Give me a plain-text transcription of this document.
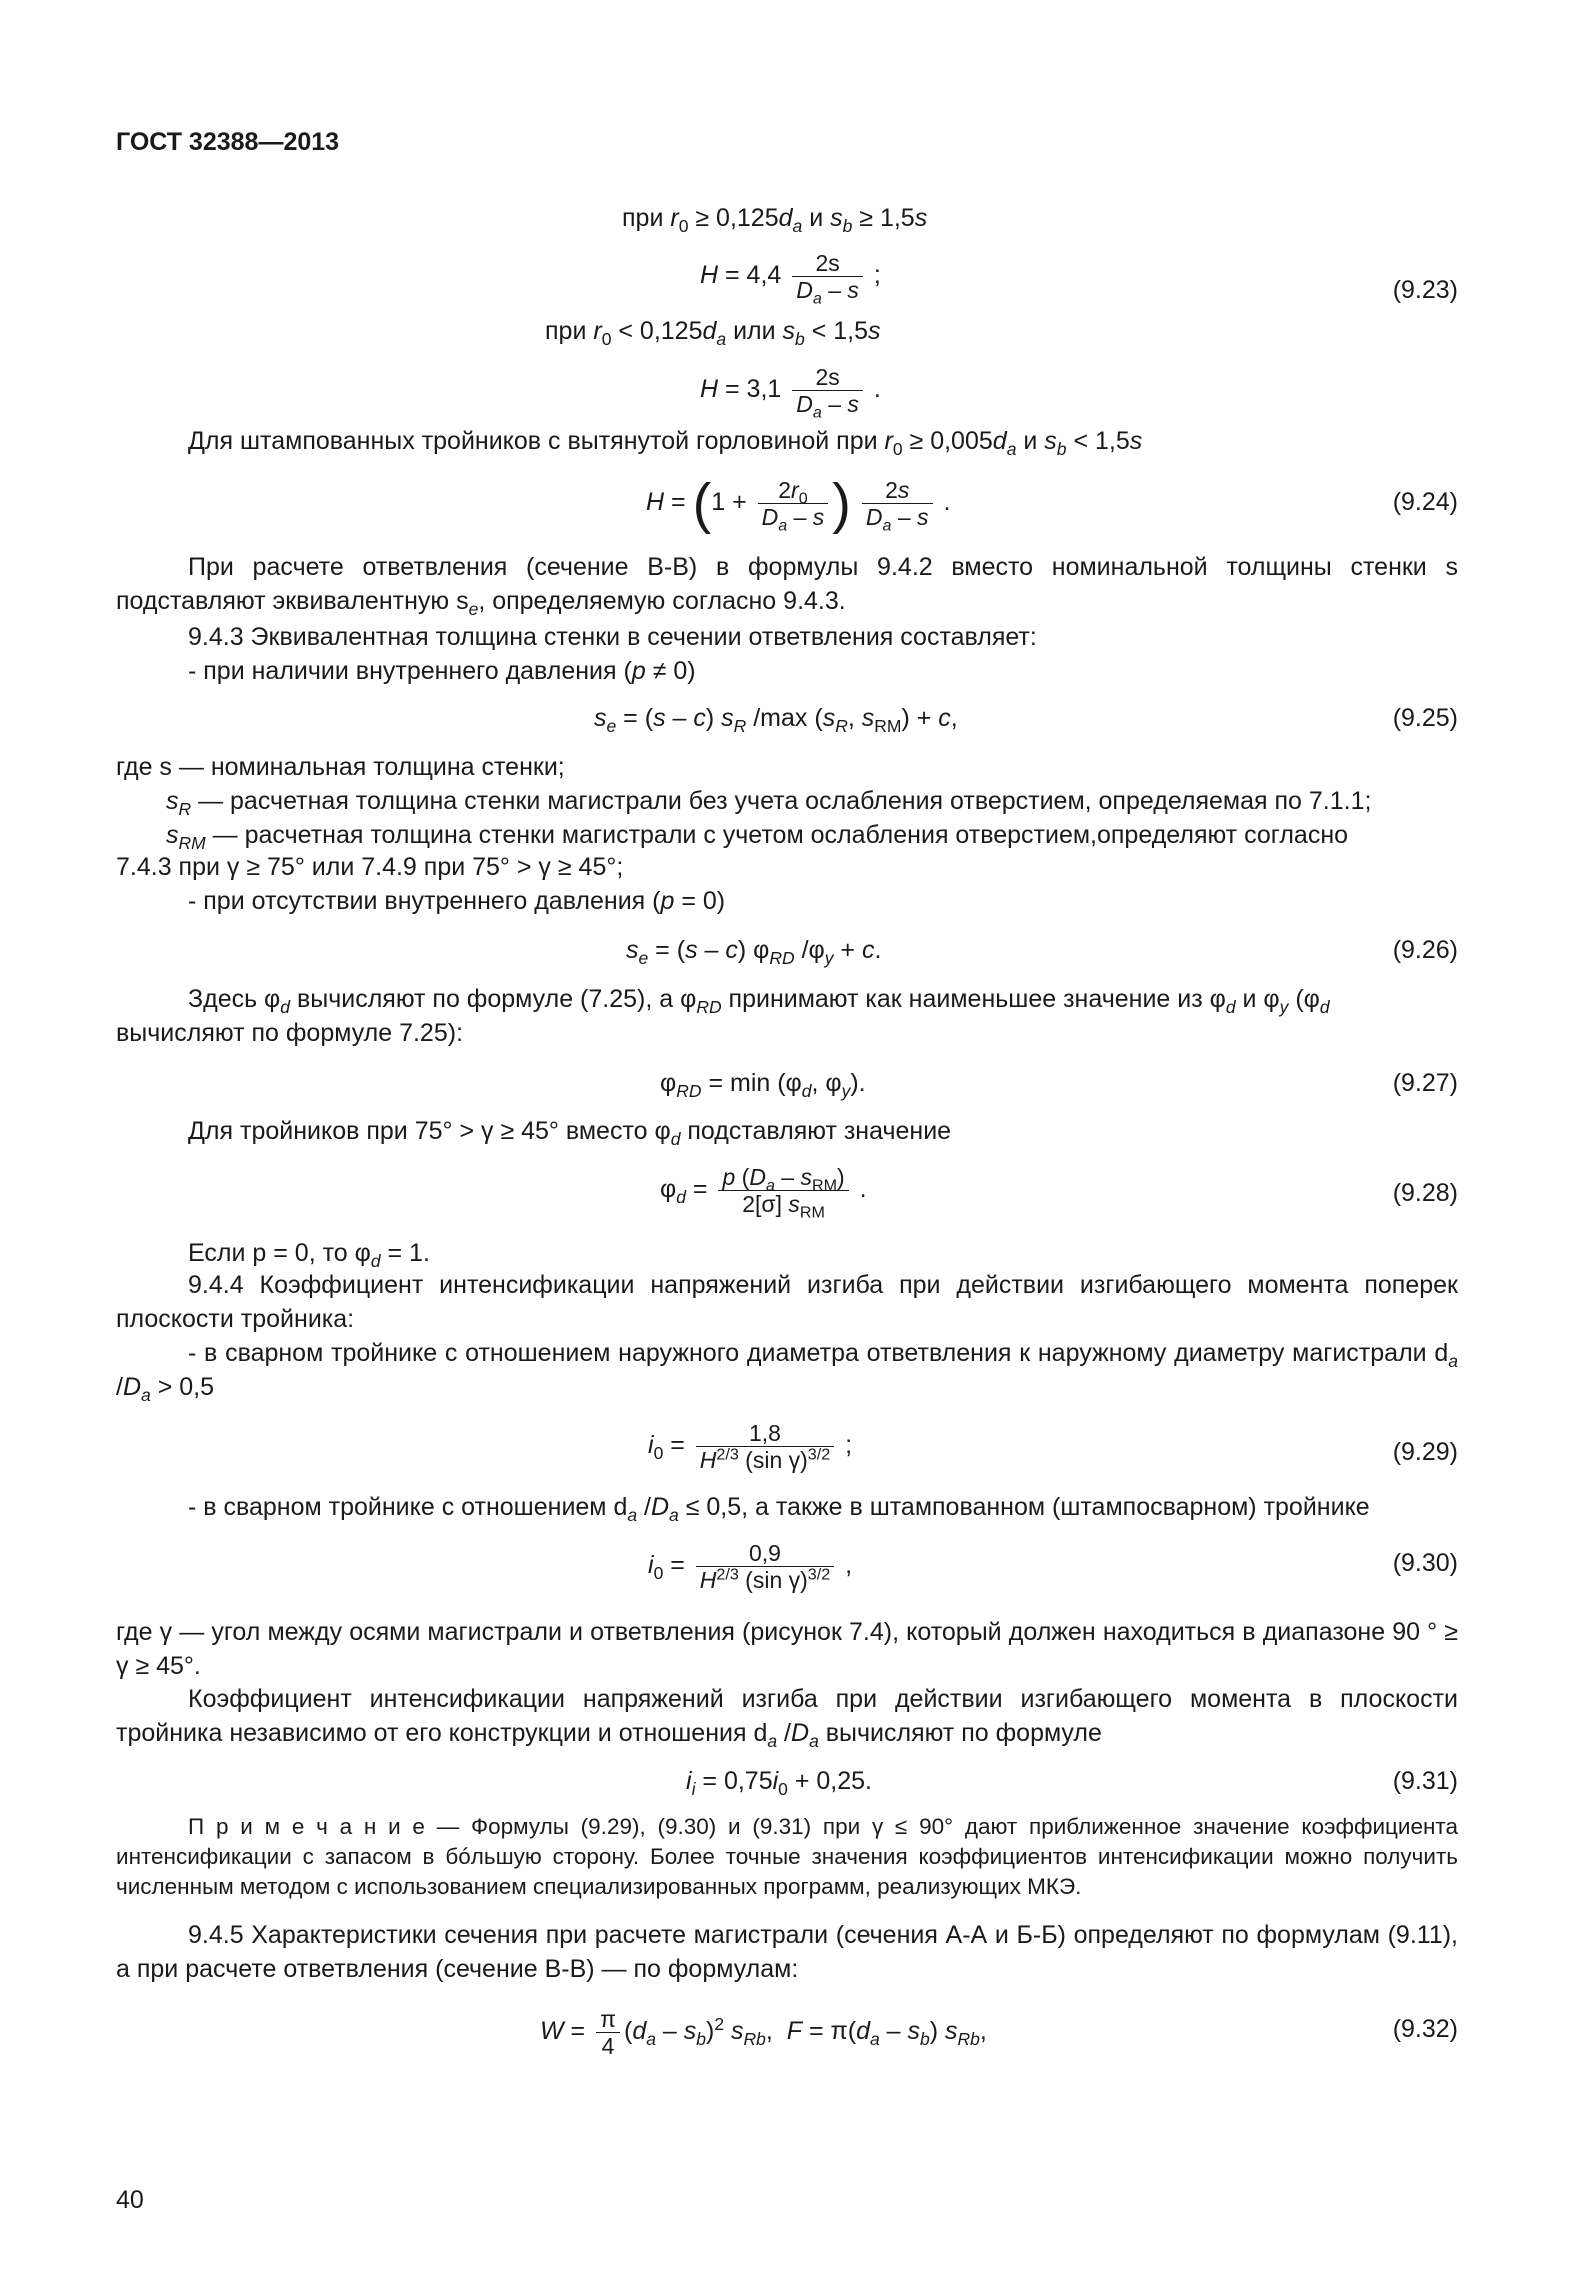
ГОСТ 32388—2013
при $r_0 \ge 0,125d_a$ и $s_b \ge 1,5s$
$H = 4,4 \frac{2s}{D_a - s}$ ;
(9.23)
при $r_0 < 0,125d_a$ или $s_b < 1,5s$
$H = 3,1 \frac{2s}{D_a - s}$ .
Для штампованных тройников с вытянутой горловиной при $r_0 \ge 0,005d_a$ и $s_b < 1,5s$
$H = (1 + \frac{2r_0}{D_a - s}$ ) $\frac{2s}{D_a - s}$ .	(9.24)
При расчете ответвления (сечение В-В) в формулы 9.4.2 вместо номинальной толщины стенки s подставляют эквивалентную $s_e$, определяемую согласно 9.4.3.
9.4.3 Эквивалентная толщина стенки в сечении ответвления составляет:
- при наличии внутреннего давления (p ≠ 0)
$s_e = (s - c)$ $s_R$ /max ($s_R$, $s_{RM}) + c$,	(9.25)
где s — номинальная толщина стенки;
$s_R$ — расчетная толщина стенки магистрали без учета ослабления отверстием, определяемая по 7.1.1;
$s_{RM}$ — расчетная толщина стенки магистрали с учетом ослабления отверстием,определяют согласно
7.4.3 при γ ≥ 75° или 7.4.9 при 75° > γ ≥ 45°;
- при отсутствии внутреннего давления (p = 0)
$s_e = (s - c)$ $\varphi_{RD}$ $/\varphi_y + c$.	(9.26)
Здесь $\varphi_d$ вычисляют по формуле (7.25), а $\varphi_{RD}$ принимают как наименьшее значение из $\varphi_d$ и $\varphi_y$ ($\varphi_d$
вычисляют по формуле 7.25):
$\varphi_{RD} = \min (\varphi_d$, $\varphi_y$).	(9.27)
Для тройников при 75° > γ ≥ 45° вместо $\varphi_d$ подставляют значение
$\varphi_d = \frac{p (D_a - s_{RM})}{2[\sigma] s_{RM}}$ .	(9.28)
Если p = 0, то $\varphi_d = 1$.
9.4.4 Коэффициент интенсификации напряжений изгиба при действии изгибающего момента поперек плоскости тройника:
- в сварном тройнике с отношением наружного диаметра ответвления к наружному диаметру магистрали $d_a$ $/D_a > 0,5$
$i_0 = \frac{1,8}{H^{2/3} (\sin \gamma)^{3/2}}$ ;	(9.29)
- в сварном тройнике с отношением $d_a$ $/D_a \le 0,5$, а также в штампованном (штампосварном) тройнике
$i_0 = \frac{0,9}{H^{2/3} (\sin \gamma)^{3/2}}$ ,	(9.30)
где γ — угол между осями магистрали и ответвления (рисунок 7.4), который должен находиться в диапазоне 90 ° ≥ γ ≥ 45°.
Коэффициент интенсификации напряжений изгиба при действии изгибающего момента в плоскости тройника независимо от его конструкции и отношения $d_a$ $/D_a$ вычисляют по формуле
$i_i = 0,75i_0 + 0,25$.	(9.31)
П р и м е ч а н и е — Формулы (9.29), (9.30) и (9.31) при γ ≤ 90° дают приближенное значение коэффициента интенсификации с запасом в бóльшую сторону. Более точные значения коэффициентов интенсификации можно получить численным методом с использованием специализированных программ, реализующих МКЭ.
9.4.5 Характеристики сечения при расчете магистрали (сечения А-А и Б-Б) определяют по формулам (9.11), а при расчете ответвления (сечение В-В) — по формулам:
$W = \frac{\pi}{4} (d_a - s_b)^2$ $s_{Rb}$,  $F = \pi(d_a - s_b)$ $s_{Rb}$,	(9.32)
40
